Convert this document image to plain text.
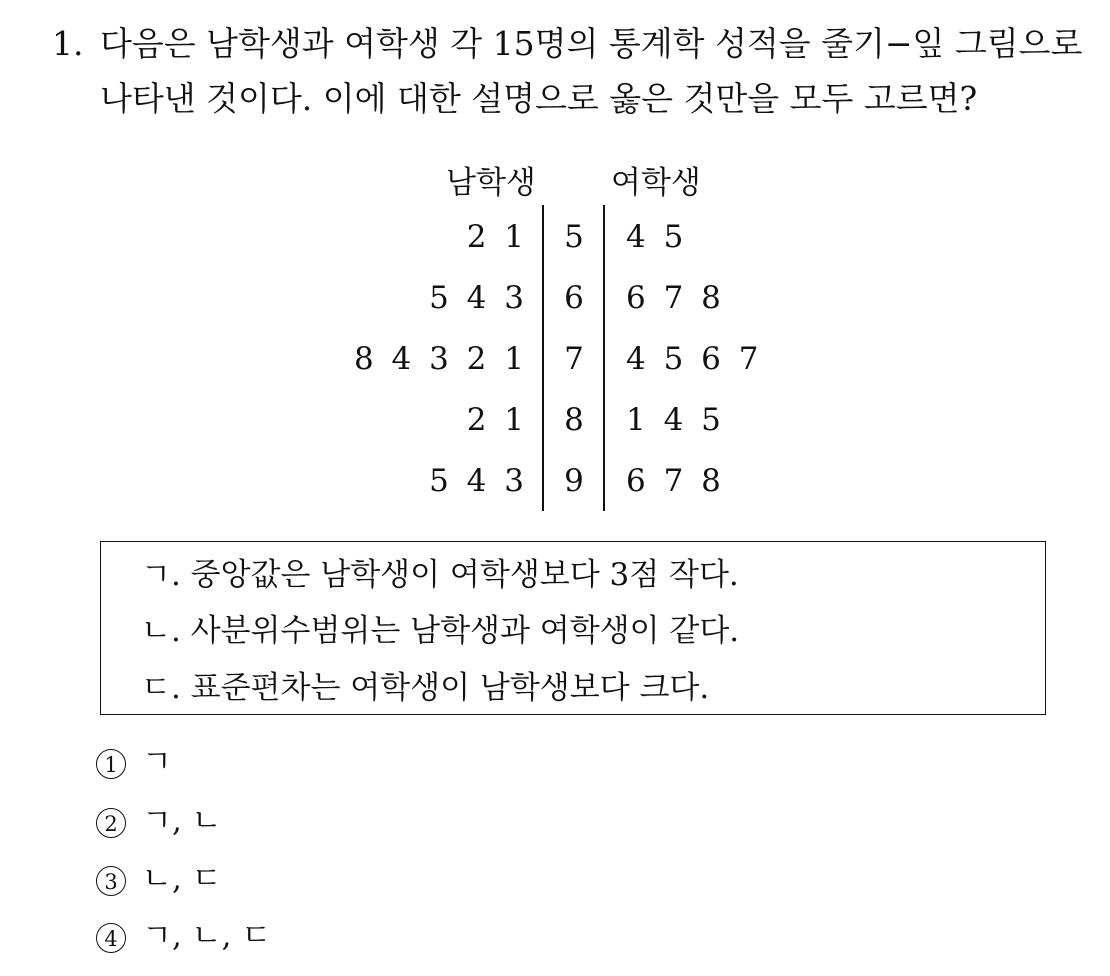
1. 다음은 남학생과 여학생 각 15명의 통계학 성적을 줄기−잎 그림으로
나타낸 것이다. 이에 대한 설명으로 옳은 것만을 모두 고르면?
남학생 여학생
2 1 5 4 5
5 4 3 6 6 7 8
8 4 3 2 1 7 4 5 6 7
2 1 8 1 4 5
5 4 3 9 6 7 8
ㄱ. 중앙값은 남학생이 여학생보다 3점 작다.
ㄴ. 사분위수범위는 남학생과 여학생이 같다.
ㄷ. 표준편차는 여학생이 남학생보다 크다.
1 ㄱ
2 ㄱ, ㄴ
3 ㄴ, ㄷ
4 ㄱ, ㄴ, ㄷ
